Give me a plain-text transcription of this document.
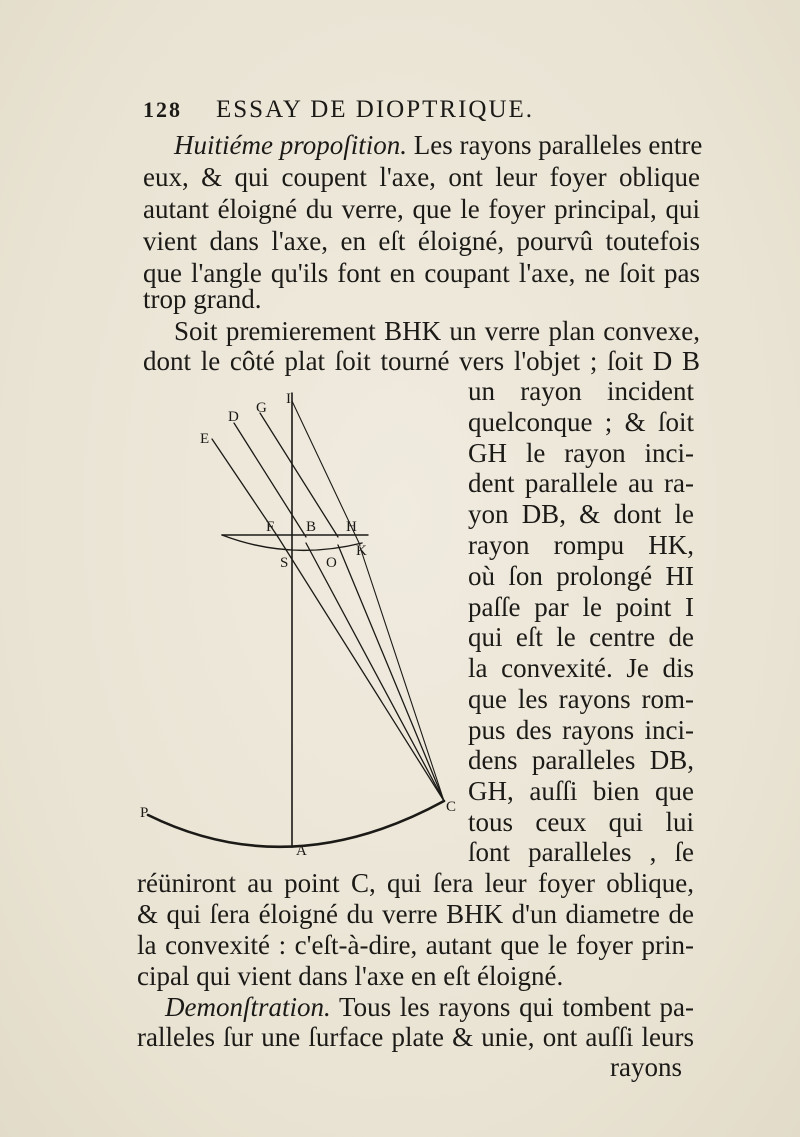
128 ESSAY DE DIOPTRIQUE.
Huitiéme propoſition. Les rayons paralleles entre
eux, & qui coupent l'axe, ont leur foyer oblique
autant éloigné du verre, que le foyer principal, qui
vient dans l'axe, en eſt éloigné, pourvû toutefois
que l'angle qu'ils font en coupant l'axe, ne ſoit pas
trop grand.
Soit premierement BHK un verre plan convexe,
dont le côté plat ſoit tourné vers l'objet ; ſoit D B
un rayon incident
quelconque ; & ſoit
GH le rayon inci-
dent parallele au ra-
yon DB, & dont le
rayon rompu HK,
où ſon prolongé HI
paſſe par le point I
qui eſt le centre de
la convexité. Je dis
que les rayons rom-
pus des rayons inci-
dens paralleles DB,
GH, auſſi bien que
tous ceux qui lui
ſont paralleles , ſe
réüniront au point C, qui ſera leur foyer oblique,
& qui ſera éloigné du verre BHK d'un diametre de
la convexité : c'eſt-à-dire, autant que le foyer prin-
cipal qui vient dans l'axe en eſt éloigné.
Demonſtration. Tous les rayons qui tombent pa-
ralleles ſur une ſurface plate & unie, ont auſſi leurs
rayons
D
G
I
E
F B H
K
S	O
C
P
A
